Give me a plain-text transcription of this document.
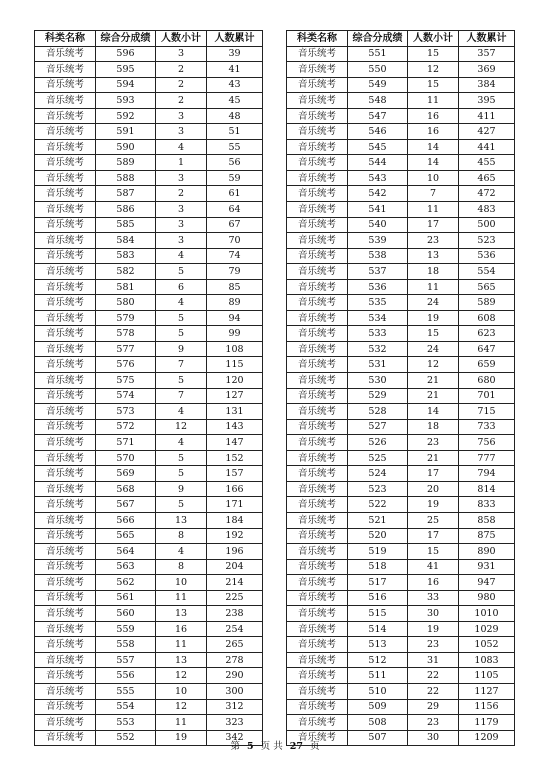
科类名称	综合分成绩	人数小计	人数累计
音乐统考	596	3	39
音乐统考	595	2	41
音乐统考	594	2	43
音乐统考	593	2	45
音乐统考	592	3	48
音乐统考	591	3	51
音乐统考	590	4	55
音乐统考	589	1	56
音乐统考	588	3	59
音乐统考	587	2	61
音乐统考	586	3	64
音乐统考	585	3	67
音乐统考	584	3	70
音乐统考	583	4	74
音乐统考	582	5	79
音乐统考	581	6	85
音乐统考	580	4	89
音乐统考	579	5	94
音乐统考	578	5	99
音乐统考	577	9	108
音乐统考	576	7	115
音乐统考	575	5	120
音乐统考	574	7	127
音乐统考	573	4	131
音乐统考	572	12	143
音乐统考	571	4	147
音乐统考	570	5	152
音乐统考	569	5	157
音乐统考	568	9	166
音乐统考	567	5	171
音乐统考	566	13	184
音乐统考	565	8	192
音乐统考	564	4	196
音乐统考	563	8	204
音乐统考	562	10	214
音乐统考	561	11	225
音乐统考	560	13	238
音乐统考	559	16	254
音乐统考	558	11	265
音乐统考	557	13	278
音乐统考	556	12	290
音乐统考	555	10	300
音乐统考	554	12	312
音乐统考	553	11	323
音乐统考	552	19	342
科类名称	综合分成绩	人数小计	人数累计
音乐统考	551	15	357
音乐统考	550	12	369
音乐统考	549	15	384
音乐统考	548	11	395
音乐统考	547	16	411
音乐统考	546	16	427
音乐统考	545	14	441
音乐统考	544	14	455
音乐统考	543	10	465
音乐统考	542	7	472
音乐统考	541	11	483
音乐统考	540	17	500
音乐统考	539	23	523
音乐统考	538	13	536
音乐统考	537	18	554
音乐统考	536	11	565
音乐统考	535	24	589
音乐统考	534	19	608
音乐统考	533	15	623
音乐统考	532	24	647
音乐统考	531	12	659
音乐统考	530	21	680
音乐统考	529	21	701
音乐统考	528	14	715
音乐统考	527	18	733
音乐统考	526	23	756
音乐统考	525	21	777
音乐统考	524	17	794
音乐统考	523	20	814
音乐统考	522	19	833
音乐统考	521	25	858
音乐统考	520	17	875
音乐统考	519	15	890
音乐统考	518	41	931
音乐统考	517	16	947
音乐统考	516	33	980
音乐统考	515	30	1010
音乐统考	514	19	1029
音乐统考	513	23	1052
音乐统考	512	31	1083
音乐统考	511	22	1105
音乐统考	510	22	1127
音乐统考	509	29	1156
音乐统考	508	23	1179
音乐统考	507	30	1209
第 5 页 共 27 页
